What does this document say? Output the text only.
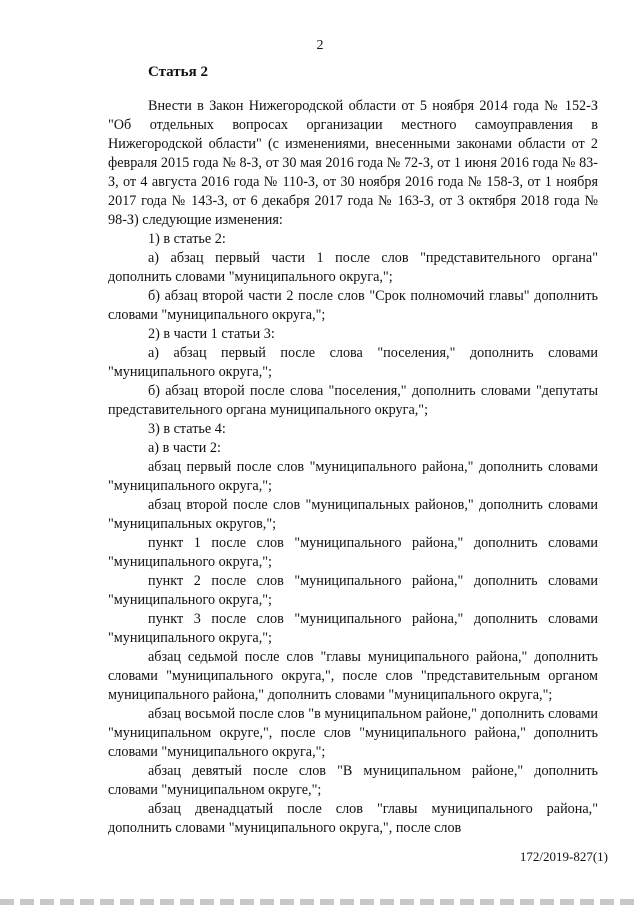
2
Статья 2

Внести в Закон Нижегородской области от 5 ноября 2014 года № 152-З "Об отдельных вопросах организации местного самоуправления в Нижегородской области" (с изменениями, внесенными законами области от 2 февраля 2015 года № 8-З, от 30 мая 2016 года № 72-З, от 1 июня 2016 года № 83-З, от 4 августа 2016 года № 110-З, от 30 ноября 2016 года № 158-З, от 1 ноября 2017 года № 143-З, от 6 декабря 2017 года № 163-З, от 3 октября 2018 года № 98-З) следующие изменения:

1) в статье 2:

а) абзац первый части 1 после слов "представительного органа" дополнить словами "муниципального округа,";

б) абзац второй части 2 после слов "Срок полномочий главы" дополнить словами "муниципального округа,";

2) в части 1 статьи 3:

а) абзац первый после слова "поселения," дополнить словами "муниципального округа,";

б) абзац второй после слова "поселения," дополнить словами "депутаты представительного органа муниципального округа,";

3) в статье 4:

а) в части 2:

абзац первый после слов "муниципального района," дополнить словами "муниципального округа,";

абзац второй после слов "муниципальных районов," дополнить словами "муниципальных округов,";

пункт 1 после слов "муниципального района," дополнить словами "муниципального округа,";

пункт 2 после слов "муниципального района," дополнить словами "муниципального округа,";

пункт 3 после слов "муниципального района," дополнить словами "муниципального округа,";

абзац седьмой после слов "главы муниципального района," дополнить словами "муниципального округа,", после слов "представительным органом муниципального района," дополнить словами "муниципального округа,";

абзац восьмой после слов "в муниципальном районе," дополнить словами "муниципальном округе,", после слов "муниципального района," дополнить словами "муниципального округа,";

абзац девятый после слов "В муниципальном районе," дополнить словами "муниципальном округе,";

абзац двенадцатый после слов "главы муниципального района," дополнить словами "муниципального округа,", после слов

172/2019-827(1)
